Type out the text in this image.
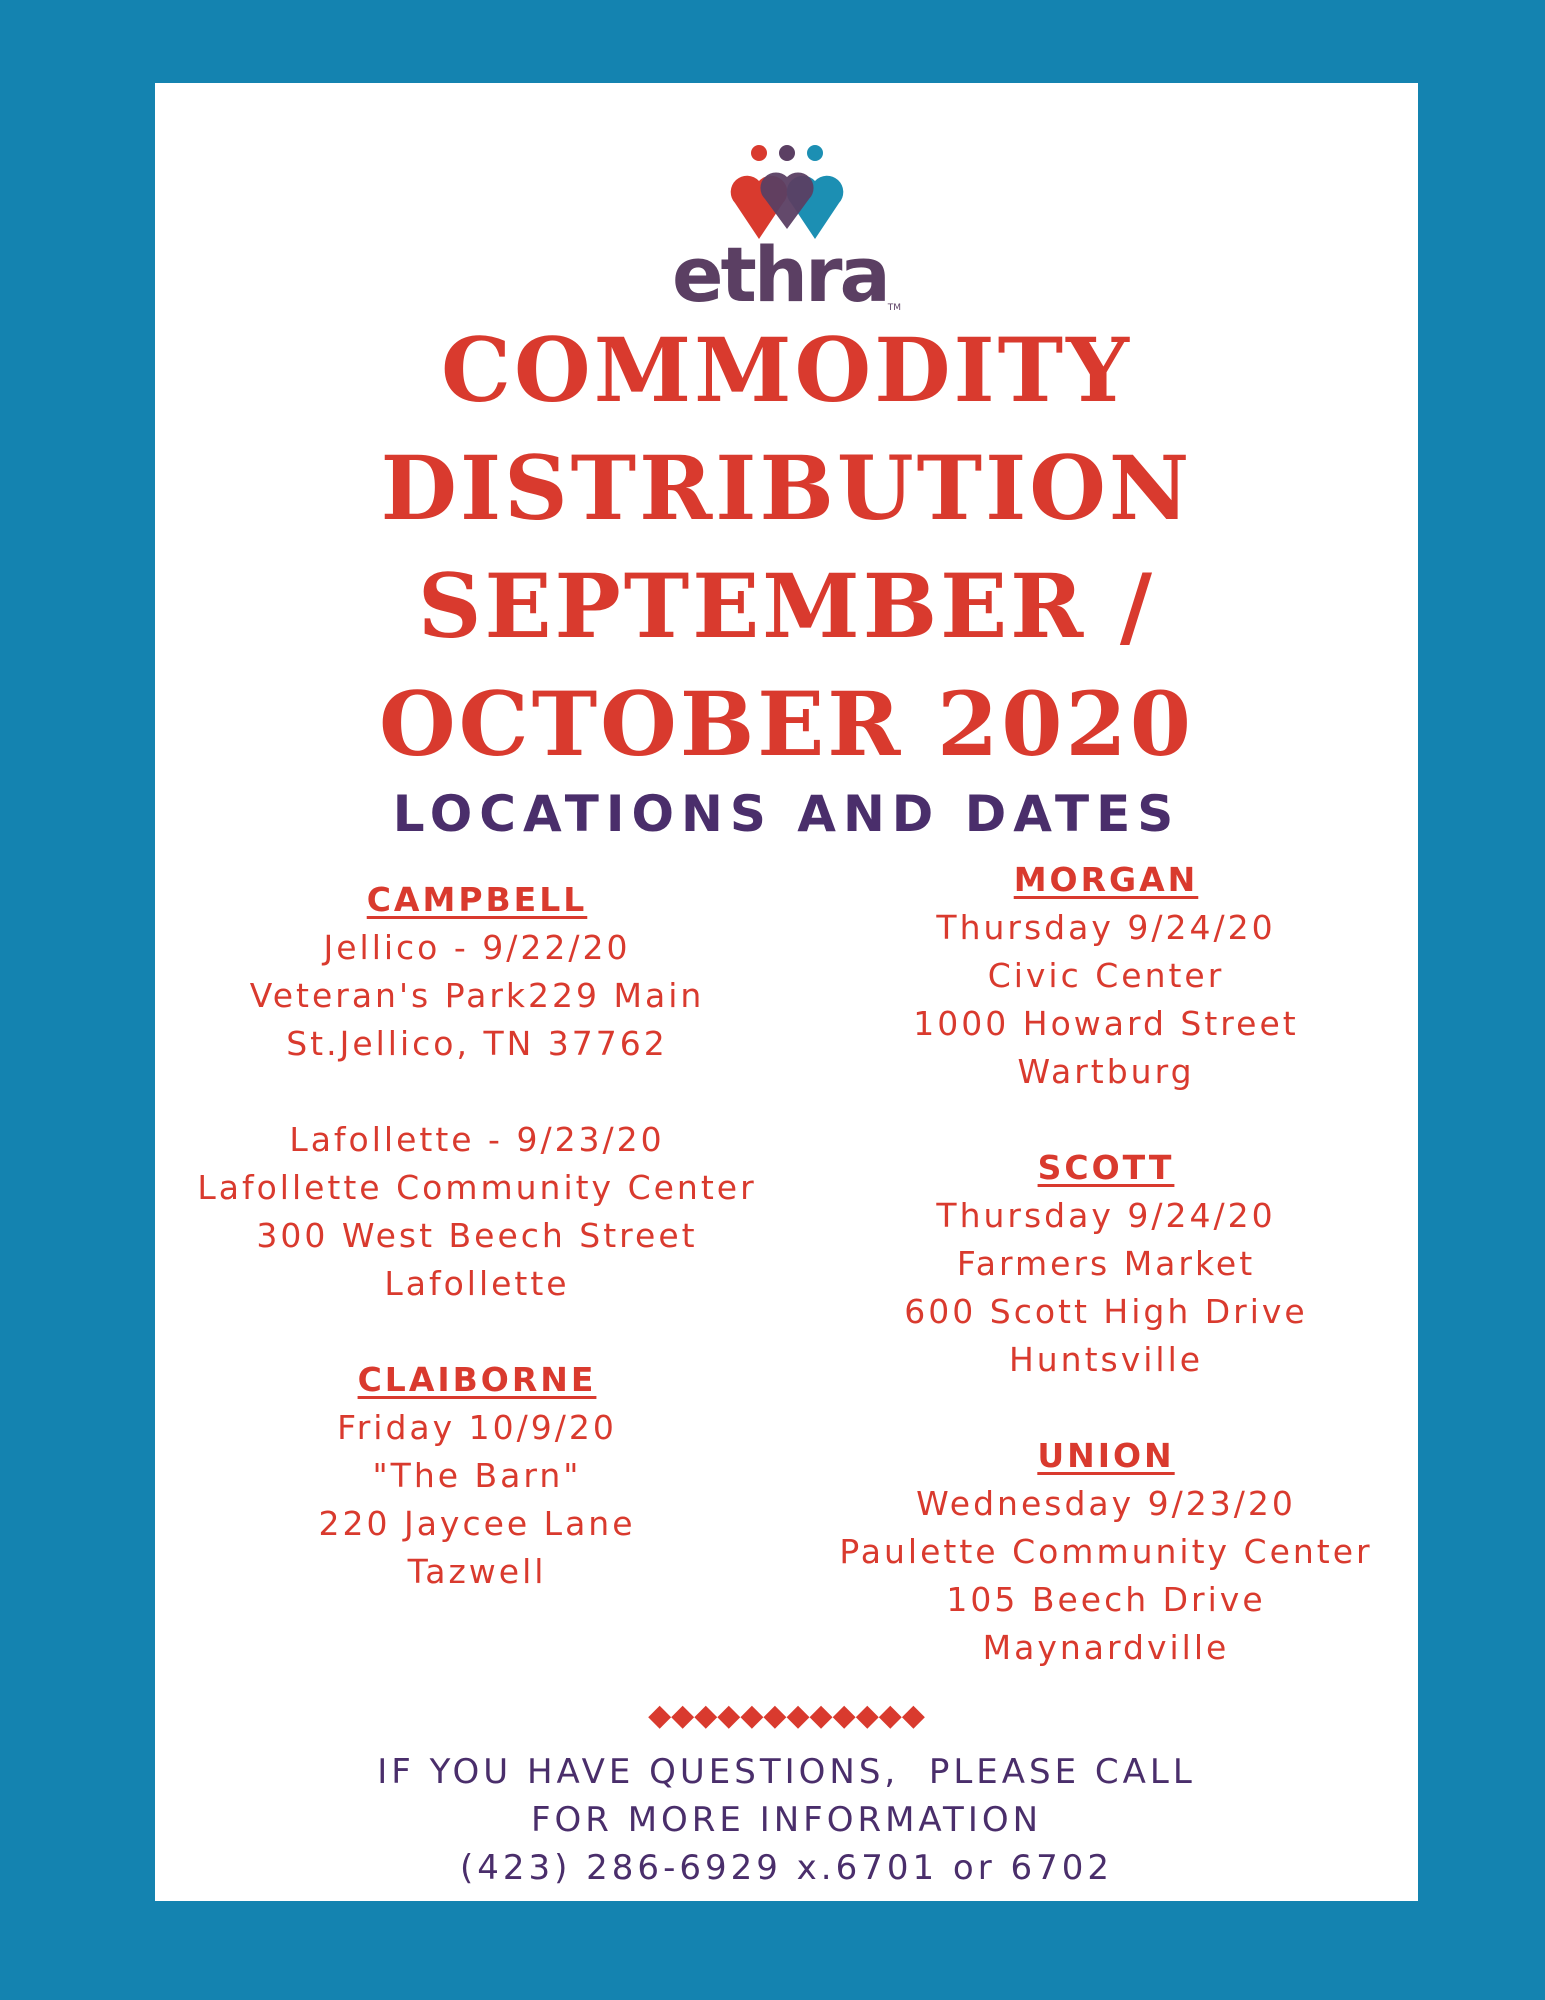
ethraTM
COMMODITY
DISTRIBUTION
SEPTEMBER /
OCTOBER 2020
LOCATIONS AND DATES
CAMPBELL
Jellico - 9/22/20
Veteran's Park229 Main
St.Jellico, TN 37762
Lafollette - 9/23/20
Lafollette Community Center
300 West Beech Street
Lafollette
CLAIBORNE
Friday 10/9/20
"The Barn"
220 Jaycee Lane
Tazwell
MORGAN
Thursday 9/24/20
Civic Center
1000 Howard Street
Wartburg
SCOTT
Thursday 9/24/20
Farmers Market
600 Scott High Drive
Huntsville
UNION
Wednesday 9/23/20
Paulette Community Center
105 Beech Drive
Maynardville
◆◆◆◆◆◆◆◆◆◆◆◆
IF YOU HAVE QUESTIONS,  PLEASE CALL
FOR MORE INFORMATION
(423) 286-6929 x.6701 or 6702
